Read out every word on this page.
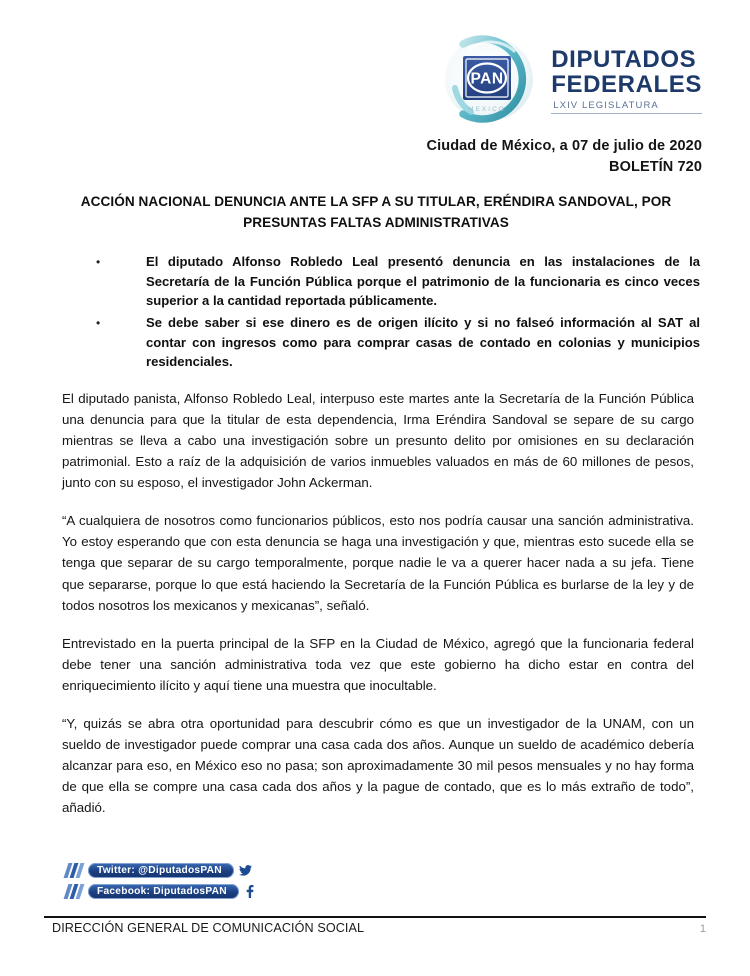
PAN
MEXICO
DIPUTADOS
FEDERALES
LXIV LEGISLATURA
Ciudad de México, a 07 de julio de 2020
BOLETÍN 720
ACCIÓN NACIONAL DENUNCIA ANTE LA SFP A SU TITULAR, ERÉNDIRA SANDOVAL, POR PRESUNTAS FALTAS ADMINISTRATIVAS
•	El diputado Alfonso Robledo Leal presentó denuncia en las instalaciones de la Secretaría de la Función Pública porque el patrimonio de la funcionaria es cinco veces superior a la cantidad reportada públicamente.
•	Se debe saber si ese dinero es de origen ilícito y si no falseó información al SAT al contar con ingresos como para comprar casas de contado en colonias y municipios residenciales.

El diputado panista, Alfonso Robledo Leal, interpuso este martes ante la Secretaría de la Función Pública una denuncia para que la titular de esta dependencia, Irma Eréndira Sandoval se separe de su cargo mientras se lleva a cabo una investigación sobre un presunto delito por omisiones en su declaración patrimonial. Esto a raíz de la adquisición de varios inmuebles valuados en más de 60 millones de pesos, junto con su esposo, el investigador John Ackerman.

“A cualquiera de nosotros como funcionarios públicos, esto nos podría causar una sanción administrativa. Yo estoy esperando que con esta denuncia se haga una investigación y que, mientras esto sucede ella se tenga que separar de su cargo temporalmente, porque nadie le va a querer hacer nada a su jefa. Tiene que separarse, porque lo que está haciendo la Secretaría de la Función Pública es burlarse de la ley y de todos nosotros los mexicanos y mexicanas”, señaló.

Entrevistado en la puerta principal de la SFP en la Ciudad de México, agregó que la funcionaria federal debe tener una sanción administrativa toda vez que este gobierno ha dicho estar en contra del enriquecimiento ilícito y aquí tiene una muestra que inocultable.

“Y, quizás se abra otra oportunidad para descubrir cómo es que un investigador de la UNAM, con un sueldo de investigador puede comprar una casa cada dos años. Aunque un sueldo de académico debería alcanzar para eso, en México eso no pasa; son aproximadamente 30 mil pesos mensuales y no hay forma de que ella se compre una casa cada dos años y la pague de contado, que es lo más extraño de todo”, añadió.

Twitter: @DiputadosPAN
Facebook: DiputadosPAN
DIRECCIÓN GENERAL DE COMUNICACIÓN SOCIAL	1
